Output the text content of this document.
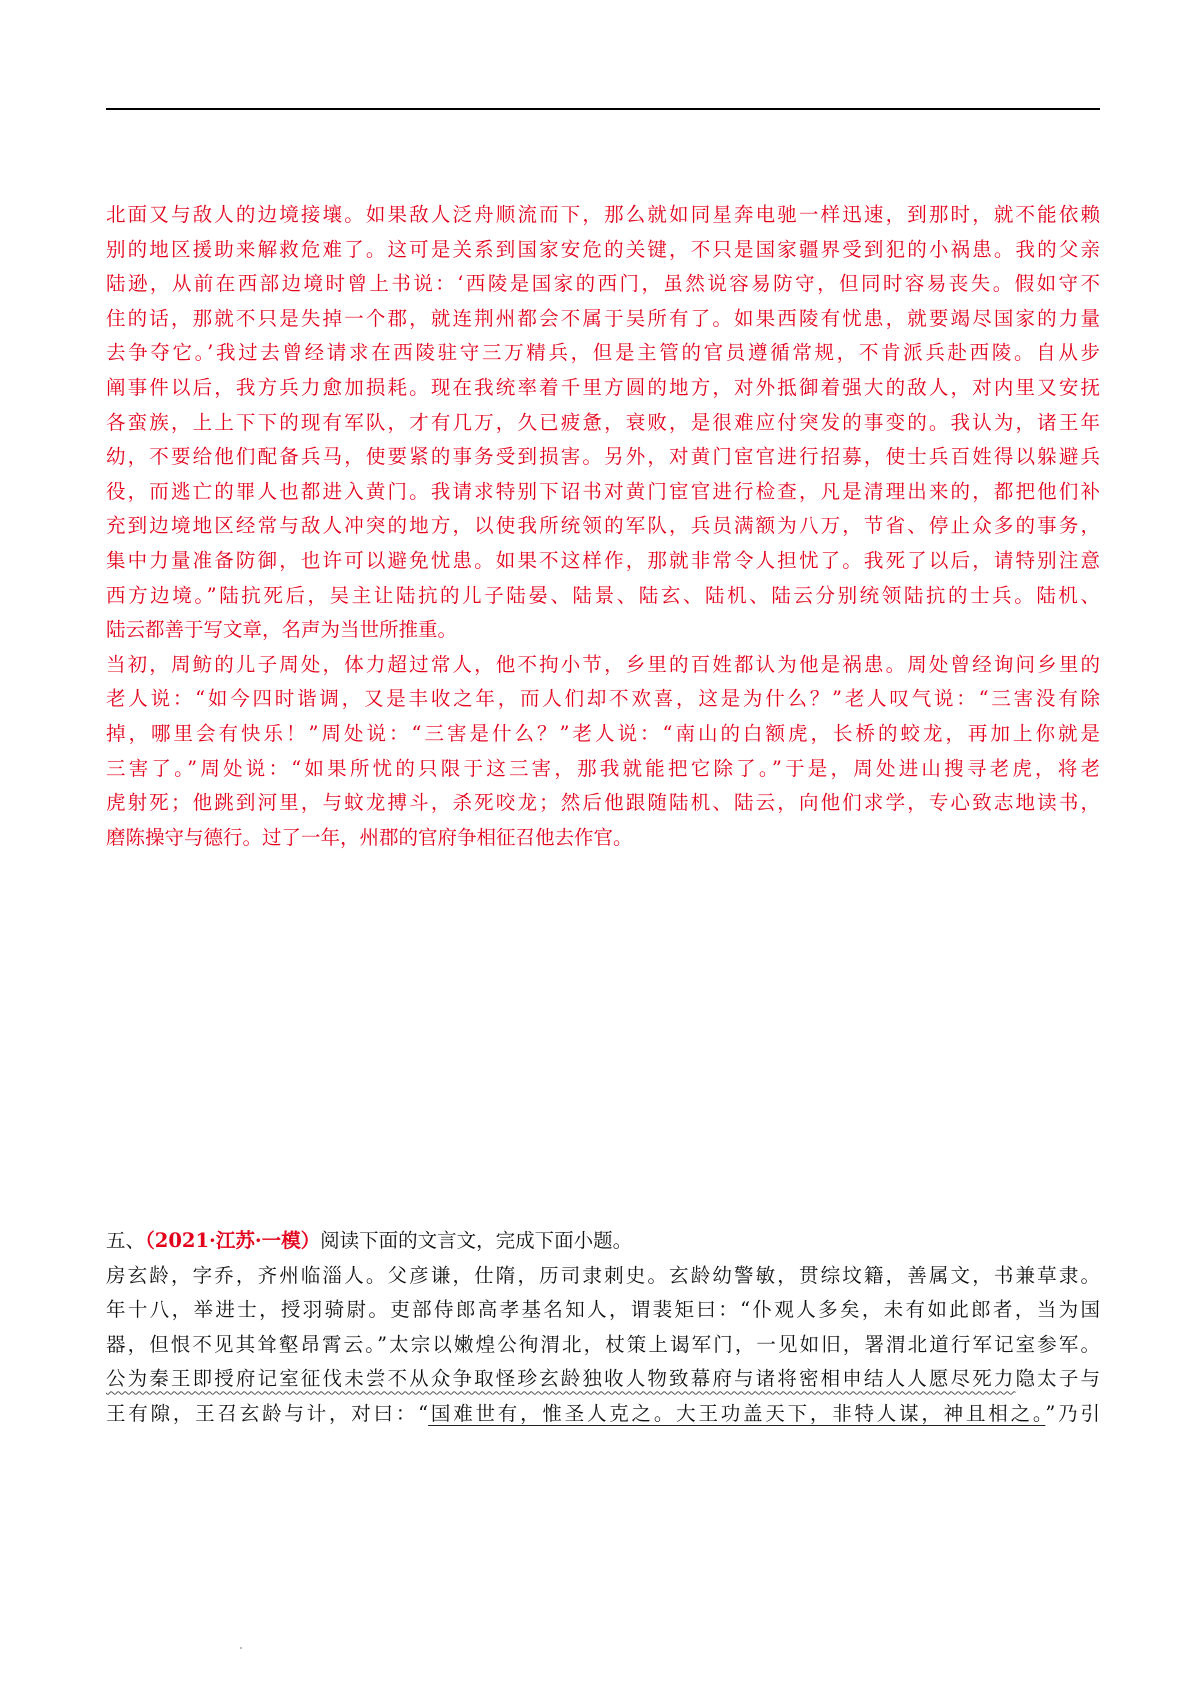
北面又与敌人的边境接壤。如果敌人泛舟顺流而下，那么就如同星奔电驰一样迅速，到那时，就不能依赖
别的地区援助来解救危难了。这可是关系到国家安危的关键，不只是国家疆界受到犯的小祸患。我的父亲
陆逊，从前在西部边境时曾上书说：‘西陵是国家的西门，虽然说容易防守，但同时容易丧失。假如守不
住的话，那就不只是失掉一个郡，就连荆州都会不属于吴所有了。如果西陵有忧患，就要竭尽国家的力量
去争夺它。’我过去曾经请求在西陵驻守三万精兵，但是主管的官员遵循常规，不肯派兵赴西陵。自从步
阐事件以后，我方兵力愈加损耗。现在我统率着千里方圆的地方，对外抵御着强大的敌人，对内里又安抚
各蛮族，上上下下的现有军队，才有几万，久已疲惫，衰败，是很难应付突发的事变的。我认为，诸王年
幼，不要给他们配备兵马，使要紧的事务受到损害。另外，对黄门宦官进行招募，使士兵百姓得以躲避兵
役，而逃亡的罪人也都进入黄门。我请求特别下诏书对黄门宦官进行检查，凡是清理出来的，都把他们补
充到边境地区经常与敌人冲突的地方，以使我所统领的军队，兵员满额为八万，节省、停止众多的事务，
集中力量准备防御，也许可以避免忧患。如果不这样作，那就非常令人担忧了。我死了以后，请特别注意
西方边境。”陆抗死后，吴主让陆抗的儿子陆晏、陆景、陆玄、陆机、陆云分别统领陆抗的士兵。陆机、
陆云都善于写文章，名声为当世所推重。
当初，周鲂的儿子周处，体力超过常人，他不拘小节，乡里的百姓都认为他是祸患。周处曾经询问乡里的
老人说：“如今四时谐调，又是丰收之年，而人们却不欢喜，这是为什么？”老人叹气说：“三害没有除
掉，哪里会有快乐！”周处说：“三害是什么？”老人说：“南山的白额虎，长桥的蛟龙，再加上你就是
三害了。”周处说：“如果所忧的只限于这三害，那我就能把它除了。”于是，周处进山搜寻老虎，将老
虎射死；他跳到河里，与蚊龙搏斗，杀死咬龙；然后他跟随陆机、陆云，向他们求学，专心致志地读书，
磨陈操守与德行。过了一年，州郡的官府争相征召他去作官。
五、（2021·江苏·一模）阅读下面的文言文，完成下面小题。
房玄龄，字乔，齐州临淄人。父彦谦，仕隋，历司隶刺史。玄龄幼警敏，贯综坟籍，善属文，书兼草隶。
年十八，举进士，授羽骑尉。吏部侍郎高孝基名知人，谓裴矩曰：“仆观人多矣，未有如此郎者，当为国
器，但恨不见其耸壑昂霄云。”太宗以嫩煌公徇渭北，杖策上谒军门，一见如旧，署渭北道行军记室参军。
公为秦王即授府记室征伐未尝不从众争取怪珍玄龄独收人物致幕府与诸将密相申结人人愿尽死力隐太子与
王有隙，王召玄龄与计，对曰：“国难世有，惟圣人克之。大王功盖天下，非特人谋，神且相之。”乃引
